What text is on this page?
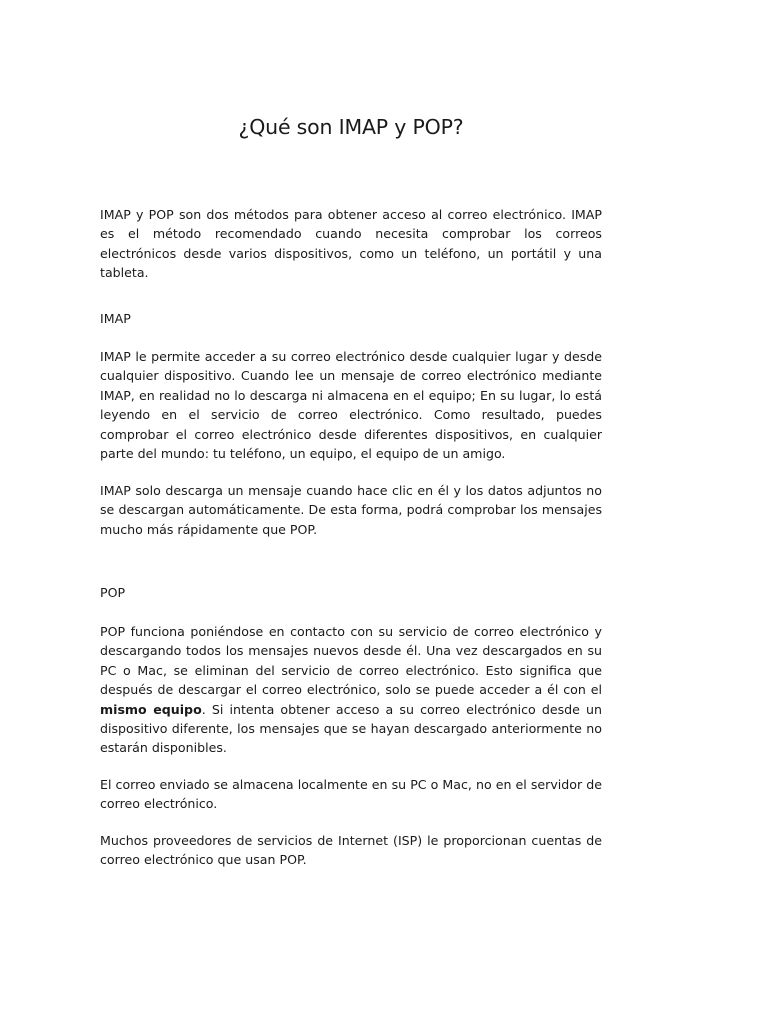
¿Qué son IMAP y POP?

IMAP y POP son dos métodos para obtener acceso al correo electrónico. IMAP es el método recomendado cuando necesita comprobar los correos electrónicos desde varios dispositivos, como un teléfono, un portátil y una tableta.

IMAP

IMAP le permite acceder a su correo electrónico desde cualquier lugar y desde cualquier dispositivo. Cuando lee un mensaje de correo electrónico mediante IMAP, en realidad no lo descarga ni almacena en el equipo; En su lugar, lo está leyendo en el servicio de correo electrónico. Como resultado, puedes comprobar el correo electrónico desde diferentes dispositivos, en cualquier parte del mundo: tu teléfono, un equipo, el equipo de un amigo.

IMAP solo descarga un mensaje cuando hace clic en él y los datos adjuntos no se descargan automáticamente. De esta forma, podrá comprobar los mensajes mucho más rápidamente que POP.

POP

POP funciona poniéndose en contacto con su servicio de correo electrónico y descargando todos los mensajes nuevos desde él. Una vez descargados en su PC o Mac, se eliminan del servicio de correo electrónico. Esto significa que después de descargar el correo electrónico, solo se puede acceder a él con el mismo equipo. Si intenta obtener acceso a su correo electrónico desde un dispositivo diferente, los mensajes que se hayan descargado anteriormente no estarán disponibles.

El correo enviado se almacena localmente en su PC o Mac, no en el servidor de correo electrónico.

Muchos proveedores de servicios de Internet (ISP) le proporcionan cuentas de correo electrónico que usan POP.
